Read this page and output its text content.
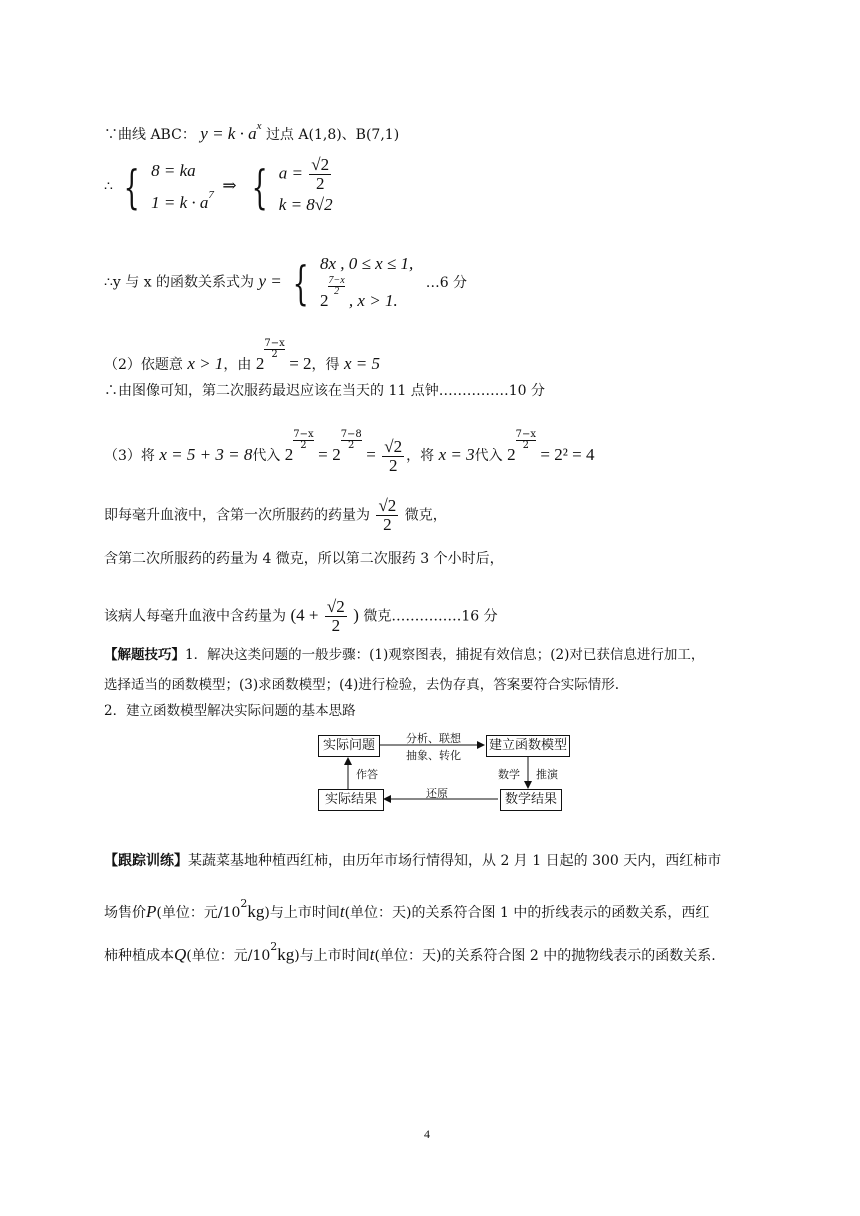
∵曲线 ABC： $y = k \cdot a^x$ 过点 A(1,8)、B(7,1)
∴ { 8 = ka
$1 = k \cdot a^7$ ⇒ { $a = \frac{√2}{2}$
k = 8√2
∴y 与 x 的函数关系式为 y = { 8x , 0 ≤ x ≤ 1,
2
$\frac{7-x}{2}$
, x > 1.
…6 分
（2）依题意 x > 1，由 2
$\frac{7-x}{2}$
= 2，得 x = 5
∴由图像可知，第二次服药最迟应该在当天的 11 点钟……………10 分
（3）将 x = 5 + 3 = 8代入 2
$\frac{7-x}{2}$
= 2
$\frac{7-8}{2}$
= $\frac{√2}{2}$ ，将 x = 3代入 2
$\frac{7-x}{2}$
= 2² = 4
即每毫升血液中，含第一次所服药的药量为 $\frac{√2}{2}$ 微克，
含第二次所服药的药量为 4 微克，所以第二次服药 3 个小时后，
该病人每毫升血液中含药量为 ($4 + \frac{√2}{2}$ ) 微克……………16 分
【解题技巧】1．解决这类问题的一般步骤：(1)观察图表，捕捉有效信息；(2)对已获信息进行加工，
选择适当的函数模型；(3)求函数模型；(4)进行检验，去伪存真，答案要符合实际情形.
2．建立函数模型解决实际问题的基本思路
实际问题	建立函数模型
实际结果	数学结果
分析、联想
抽象、转化
数学 推演
还原
作答
【跟踪训练】某蔬菜基地种植西红柿，由历年市场行情得知，从 2 月 1 日起的 300 天内，西红柿市
场售价P(单位：元$/10^2kg$)与上市时间t(单位：天)的关系符合图 1 中的折线表示的函数关系，西红
柿种植成本Q(单位：元$/10^2kg$)与上市时间t(单位：天)的关系符合图 2 中的抛物线表示的函数关系.
4
